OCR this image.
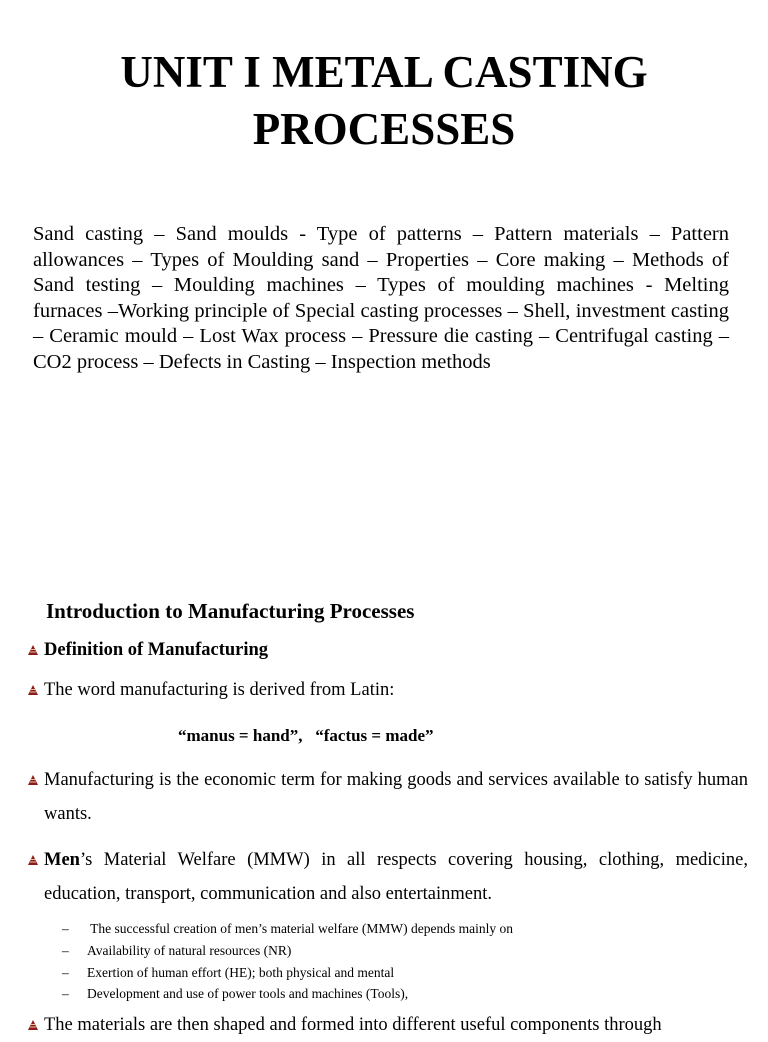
UNIT I METAL CASTING
PROCESSES

Sand casting – Sand moulds - Type of patterns – Pattern materials – Pattern allowances – Types of Moulding sand – Properties – Core making – Methods of Sand testing – Moulding machines – Types of moulding machines - Melting furnaces –Working principle of Special casting processes – Shell, investment casting – Ceramic mould – Lost Wax process – Pressure die casting – Centrifugal casting – CO2 process – Defects in Casting – Inspection methods

Introduction to Manufacturing Processes
Definition of Manufacturing
The word manufacturing is derived from Latin:
“manus = hand”,   “factus = made”
Manufacturing is the economic term for making goods and services available to satisfy human wants.
Men’s Material Welfare (MMW) in all respects covering housing, clothing, medicine, education, transport, communication and also entertainment.
– The successful creation of men’s material welfare (MMW) depends mainly on
– Availability of natural resources (NR)
– Exertion of human effort (HE); both physical and mental
– Development and use of power tools and machines (Tools),
The materials are then shaped and formed into different useful components through
